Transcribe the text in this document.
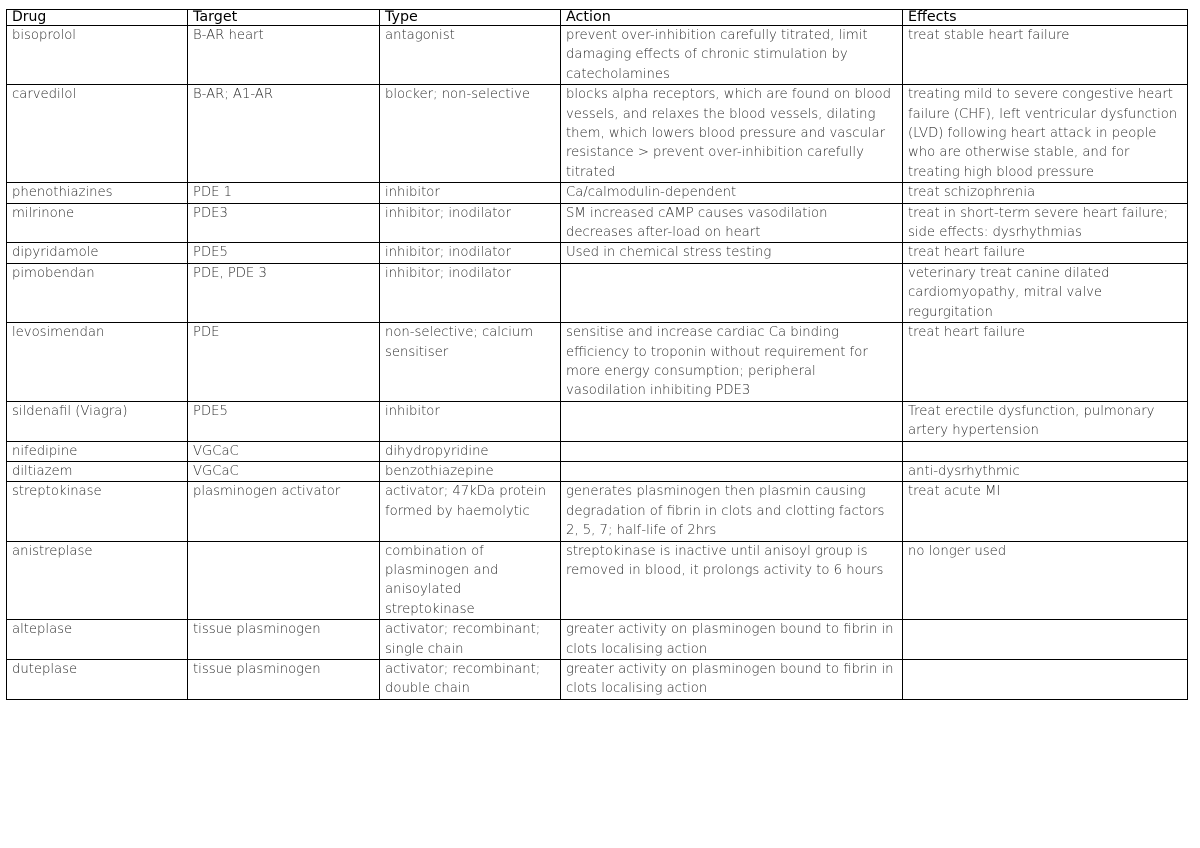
Drug	Target	Type	Action	Effects
bisoprolol	B-AR heart	antagonist	prevent over-inhibition carefully titrated, limit damaging effects of chronic stimulation by catecholamines	treat stable heart failure
carvedilol	B-AR; A1-AR	blocker; non-selective	blocks alpha receptors, which are found on blood vessels, and relaxes the blood vessels, dilating them, which lowers blood pressure and vascular resistance > prevent over-inhibition carefully titrated	treating mild to severe congestive heart failure (CHF), left ventricular dysfunction (LVD) following heart attack in people who are otherwise stable, and for treating high blood pressure
phenothiazines	PDE 1	inhibitor	Ca/calmodulin-dependent	treat schizophrenia
milrinone	PDE3	inhibitor; inodilator	SM increased cAMP causes vasodilation decreases after-load on heart	treat in short-term severe heart failure; side effects: dysrhythmias
dipyridamole	PDE5	inhibitor; inodilator	Used in chemical stress testing	treat heart failure
pimobendan	PDE, PDE 3	inhibitor; inodilator		veterinary treat canine dilated cardiomyopathy, mitral valve regurgitation
levosimendan	PDE	non-selective; calcium sensitiser	sensitise and increase cardiac Ca binding efficiency to troponin without requirement for more energy consumption; peripheral vasodilation inhibiting PDE3	treat heart failure
sildenafil (Viagra)	PDE5	inhibitor		Treat erectile dysfunction, pulmonary artery hypertension
nifedipine	VGCaC	dihydropyridine		
diltiazem	VGCaC	benzothiazepine		anti-dysrhythmic
streptokinase	plasminogen activator	activator; 47kDa protein formed by haemolytic	generates plasminogen then plasmin causing degradation of fibrin in clots and clotting factors 2, 5, 7; half-life of 2hrs	treat acute MI
anistreplase		combination of plasminogen and anisoylated streptokinase	streptokinase is inactive until anisoyl group is removed in blood, it prolongs activity to 6 hours	no longer used
alteplase	tissue plasminogen	activator; recombinant; single chain	greater activity on plasminogen bound to fibrin in clots localising action	
duteplase	tissue plasminogen	activator; recombinant; double chain	greater activity on plasminogen bound to fibrin in clots localising action	
